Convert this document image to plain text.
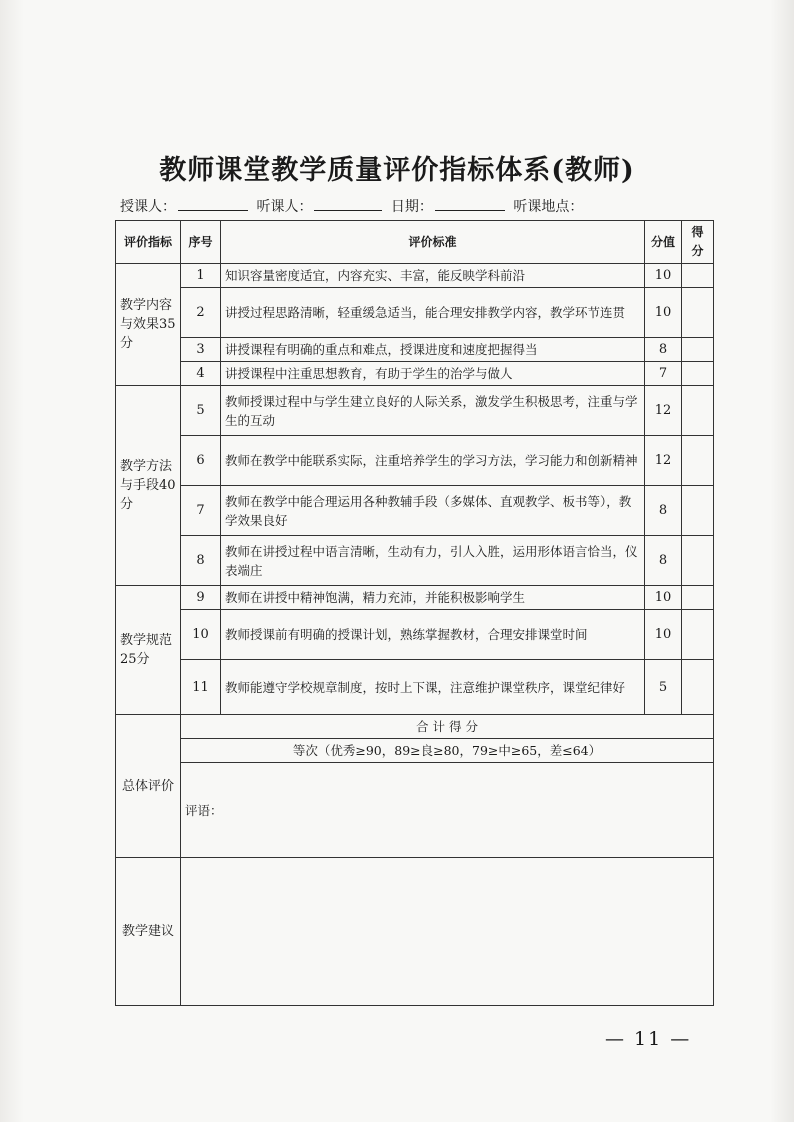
教师课堂教学质量评价指标体系(教师)
授课人：	听课人：	日期：	听课地点：
评价指标	序号	评价标准	分值	得分
教学内容与效果35分	1	知识容量密度适宜，内容充实、丰富，能反映学科前沿	10	
	2	讲授过程思路清晰，轻重缓急适当，能合理安排教学内容，教学环节连贯	10	
	3	讲授课程有明确的重点和难点，授课进度和速度把握得当	8	
	4	讲授课程中注重思想教育，有助于学生的治学与做人	7	
教学方法与手段40分	5	教师授课过程中与学生建立良好的人际关系，激发学生积极思考，注重与学生的互动	12	
	6	教师在教学中能联系实际，注重培养学生的学习方法，学习能力和创新精神	12	
	7	教师在教学中能合理运用各种教辅手段（多媒体、直观教学、板书等），教学效果良好	8	
	8	教师在讲授过程中语言清晰，生动有力，引人入胜，运用形体语言恰当，仪表端庄	8	
教学规范25分	9	教师在讲授中精神饱满，精力充沛，并能积极影响学生	10	
	10	教师授课前有明确的授课计划，熟练掌握教材，合理安排课堂时间	10	
	11	教师能遵守学校规章制度，按时上下课，注意维护课堂秩序，课堂纪律好	5	
总体评价	合 计 得 分			
	等次（优秀≥90，89≥良≥80，79≥中≥65，差≤64）			
	评语：			
教学建议				
— 11 —
